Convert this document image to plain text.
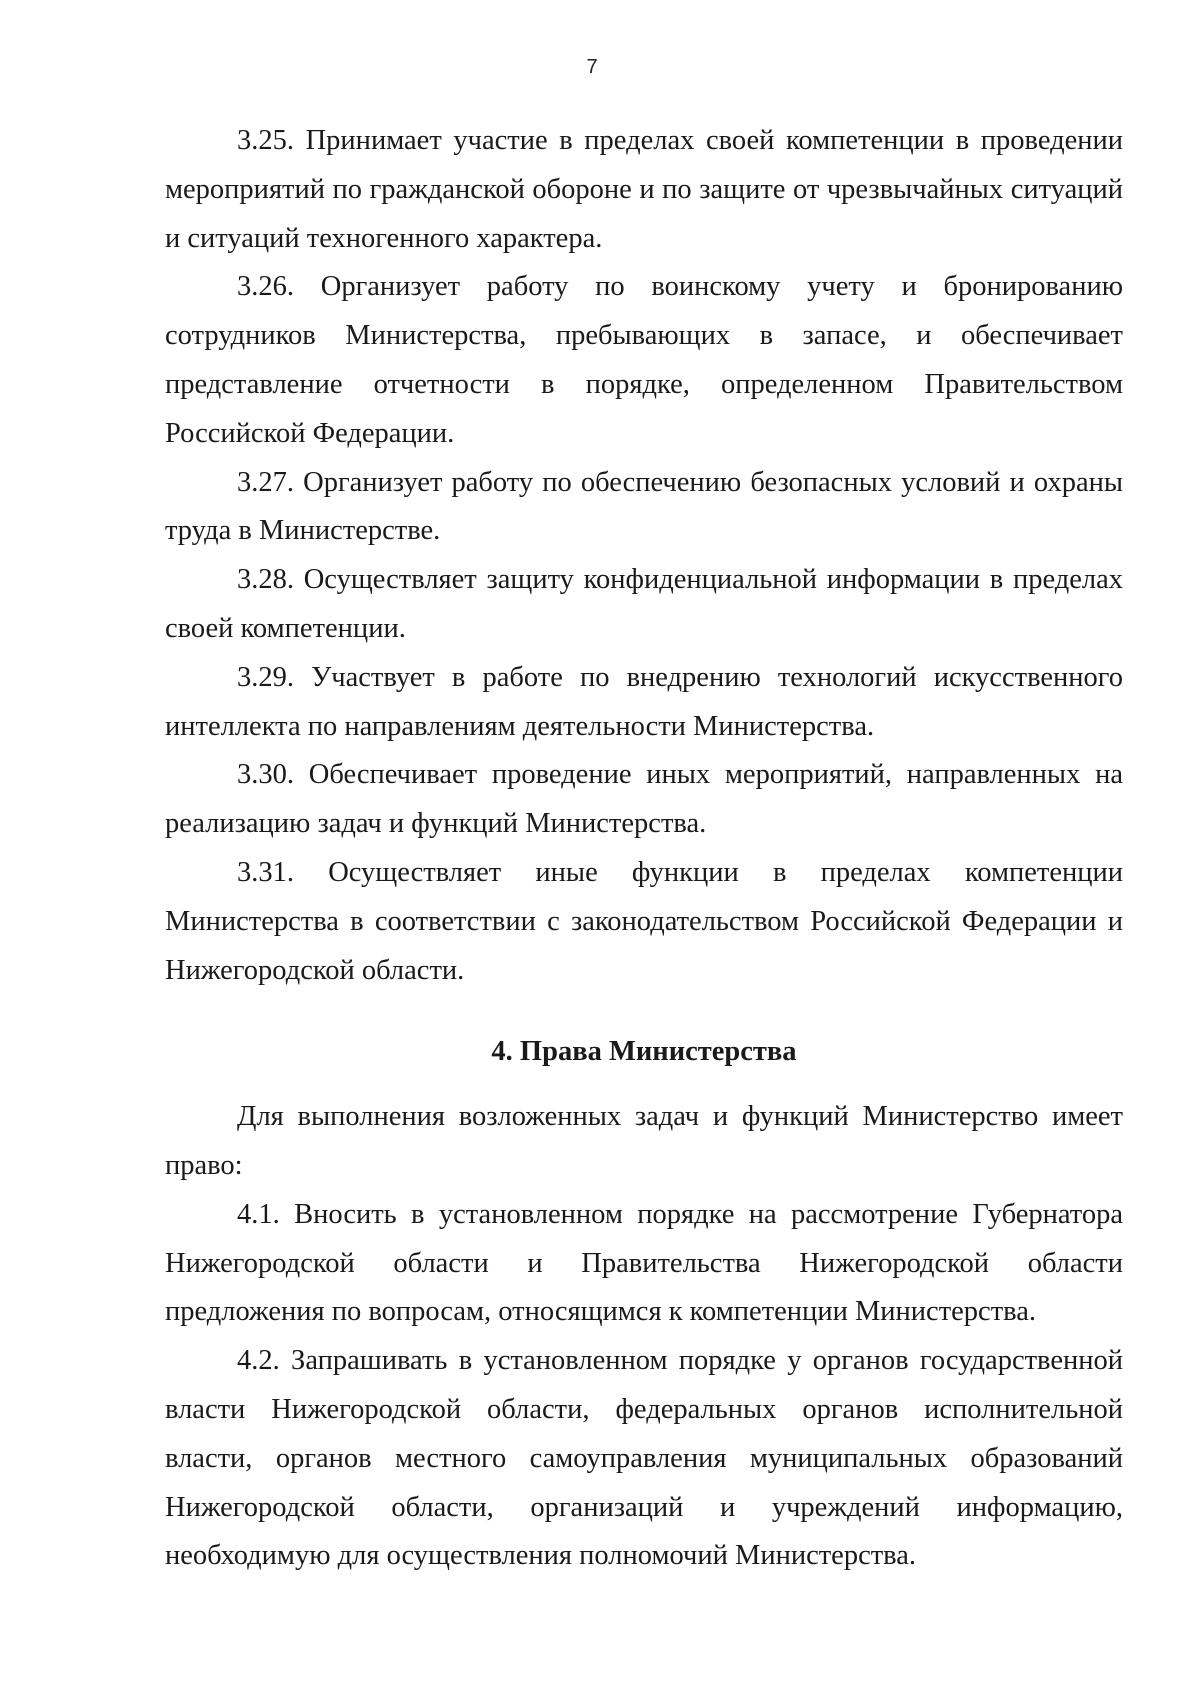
7

3.25. Принимает участие в пределах своей компетенции в проведении мероприятий по гражданской обороне и по защите от чрезвычайных ситуаций и ситуаций техногенного характера.

3.26. Организует работу по воинскому учету и бронированию сотрудников Министерства, пребывающих в запасе, и обеспечивает представление отчетности в порядке, определенном Правительством Российской Федерации.

3.27. Организует работу по обеспечению безопасных условий и охраны труда в Министерстве.

3.28. Осуществляет защиту конфиденциальной информации в пределах своей компетенции.

3.29. Участвует в работе по внедрению технологий искусственного интеллекта по направлениям деятельности Министерства.

3.30. Обеспечивает проведение иных мероприятий, направленных на реализацию задач и функций Министерства.

3.31. Осуществляет иные функции в пределах компетенции Министерства в соответствии с законодательством Российской Федерации и Нижегородской области.

4. Права Министерства

Для выполнения возложенных задач и функций Министерство имеет право:

4.1. Вносить в установленном порядке на рассмотрение Губернатора Нижегородской области и Правительства Нижегородской области предложения по вопросам, относящимся к компетенции Министерства.

4.2. Запрашивать в установленном порядке у органов государственной власти Нижегородской области, федеральных органов исполнительной власти, органов местного самоуправления муниципальных образований Нижегородской области, организаций и учреждений информацию, необходимую для осуществления полномочий Министерства.
